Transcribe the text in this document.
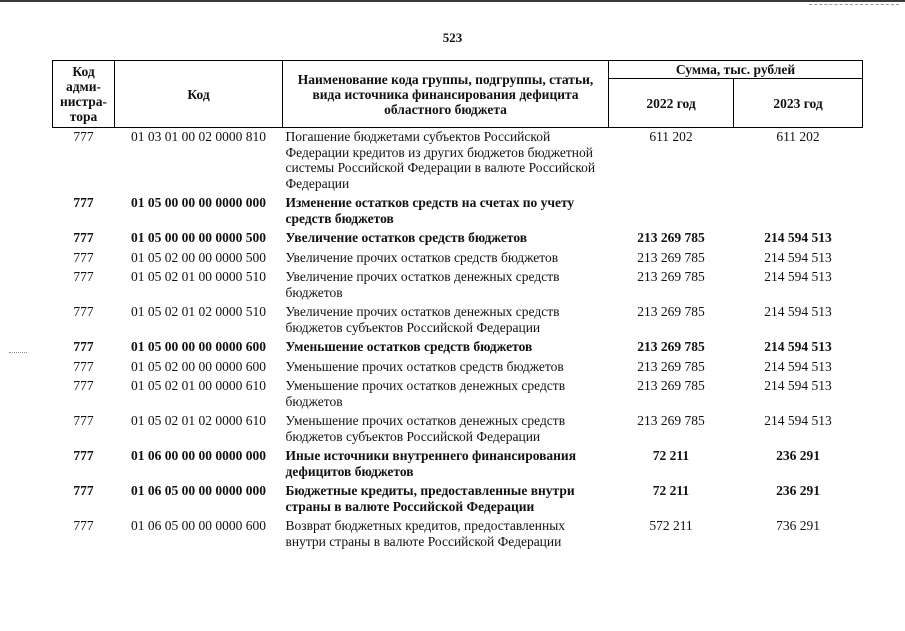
523
Код адми-нистра-тора	Код	Наименование кода группы, подгруппы, статьи, вида источника финансирования дефицита областного бюджета	Сумма, тыс. рублей	
			2022 год	2023 год
777	01 03 01 00 02 0000 810	Погашение бюджетами субъектов Российской Федерации кредитов из других бюджетов бюджетной системы Российской Федерации в валюте Российской Федерации	611 202	611 202
777	01 05 00 00 00 0000 000	Изменение остатков средств на счетах по учету средств бюджетов		
777	01 05 00 00 00 0000 500	Увеличение остатков средств бюджетов	213 269 785	214 594 513
777	01 05 02 00 00 0000 500	Увеличение прочих остатков средств бюджетов	213 269 785	214 594 513
777	01 05 02 01 00 0000 510	Увеличение прочих остатков денежных средств бюджетов	213 269 785	214 594 513
777	01 05 02 01 02 0000 510	Увеличение прочих остатков денежных средств бюджетов субъектов Российской Федерации	213 269 785	214 594 513
777	01 05 00 00 00 0000 600	Уменьшение остатков средств бюджетов	213 269 785	214 594 513
777	01 05 02 00 00 0000 600	Уменьшение прочих остатков средств бюджетов	213 269 785	214 594 513
777	01 05 02 01 00 0000 610	Уменьшение прочих остатков денежных средств бюджетов	213 269 785	214 594 513
777	01 05 02 01 02 0000 610	Уменьшение прочих остатков денежных средств бюджетов субъектов Российской Федерации	213 269 785	214 594 513
777	01 06 00 00 00 0000 000	Иные источники внутреннего финансирования дефицитов бюджетов	72 211	236 291
777	01 06 05 00 00 0000 000	Бюджетные кредиты, предоставленные внутри страны в валюте Российской Федерации	72 211	236 291
777	01 06 05 00 00 0000 600	Возврат бюджетных кредитов, предоставленных внутри страны в валюте Российской Федерации	572 211	736 291
